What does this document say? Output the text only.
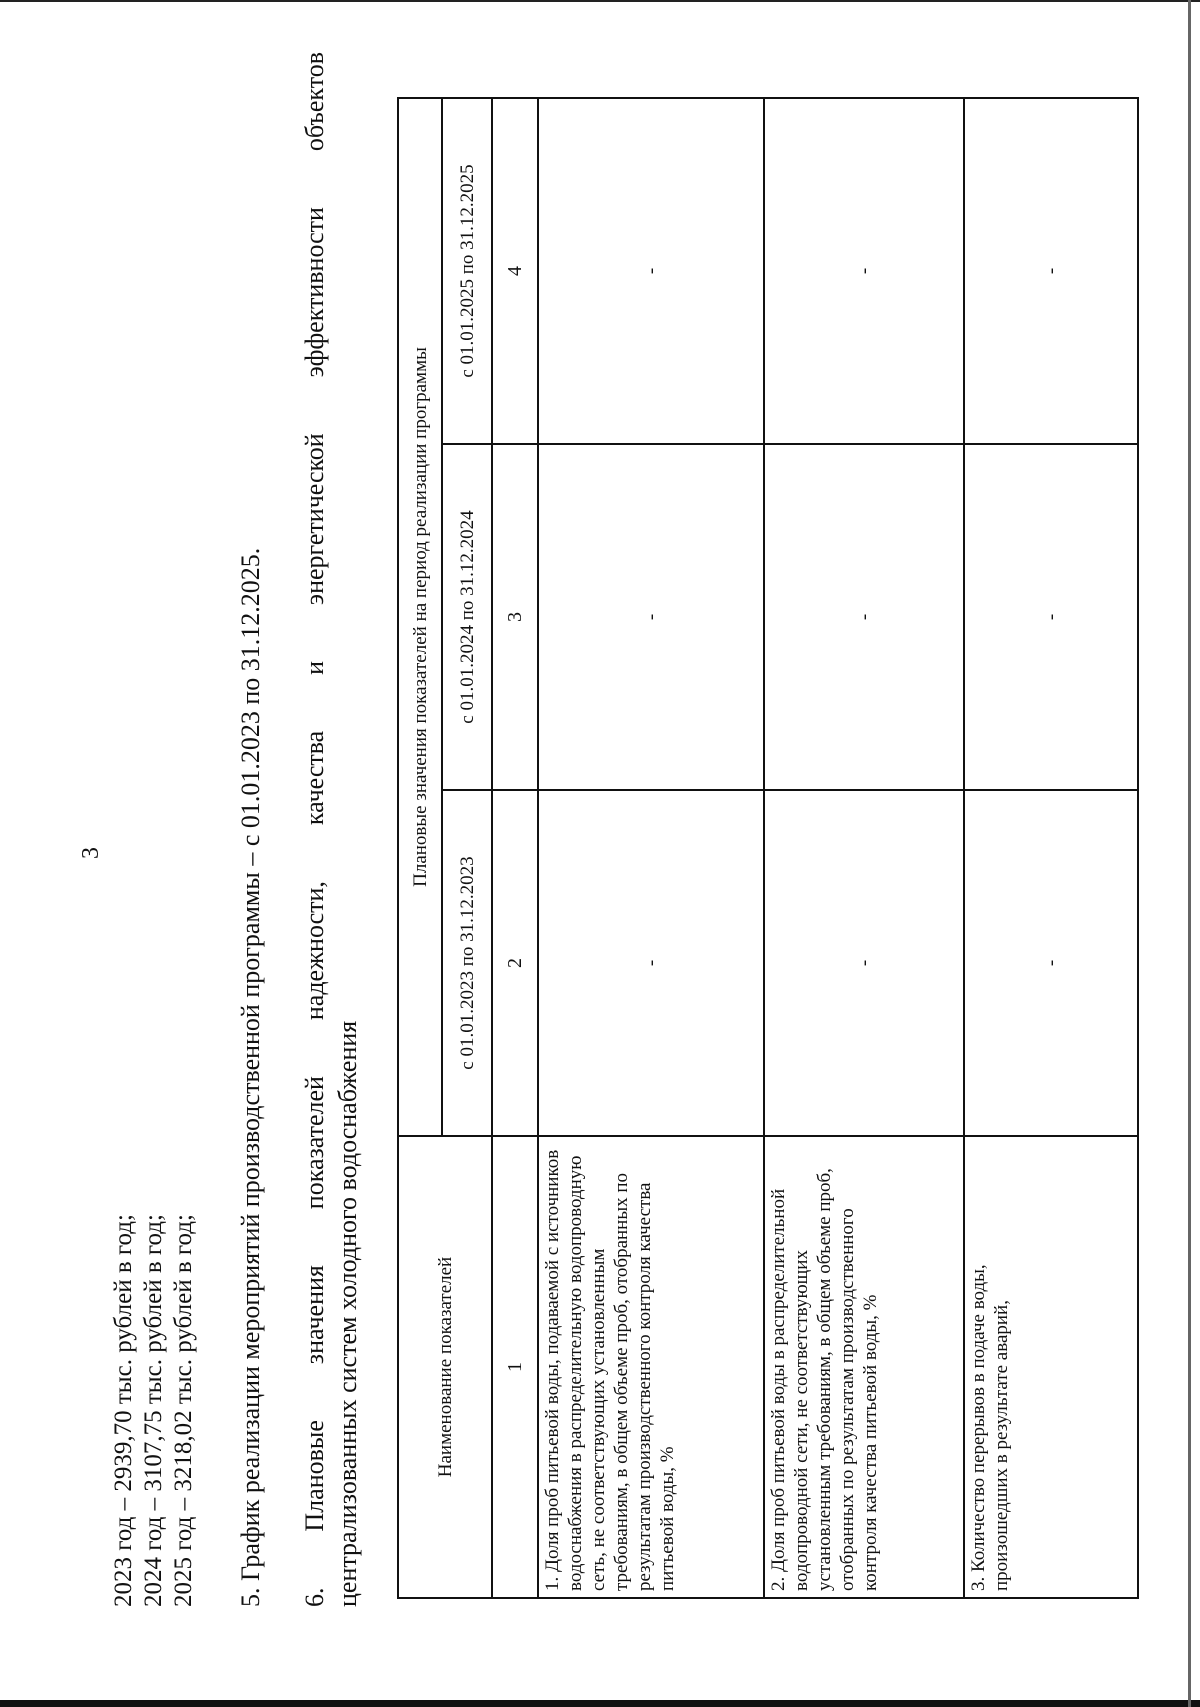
3
2023 год – 2939,70 тыс. рублей в год; 2024 год – 3107,75 тыс. рублей в год; 2025 год – 3218,02 тыс. рублей в год; 5. График реализации мероприятий производственной программы – с 01.01.2023 по 31.12.2025. 6. Плановые значения показателей надежности, качества и энергетической эффективности объектов централизованных систем холодного водоснабжения	Наименование показателей	Плановые значения показателей на период реализации программы		
	с 01.01.2023 по 31.12.2023	с 01.01.2024 по 31.12.2024	с 01.01.2025 по 31.12.2025
1	2	3	4
1. Доля проб питьевой воды, подаваемой с источников водоснабжения в распределительную водопроводную сеть, не соответствующих установленным требованиям, в общем объеме проб, отобранных по результатам производственного контроля качества питьевой воды, %	-	-	-
2. Доля проб питьевой воды в распределительной водопроводной сети, не соответствующих установленным требованиям, в общем объеме проб, отобранных по результатам производственного контроля качества питьевой воды, %	-	-	-
3. Количество перерывов в подаче воды, произошедших в результате аварий,	-	-	-
